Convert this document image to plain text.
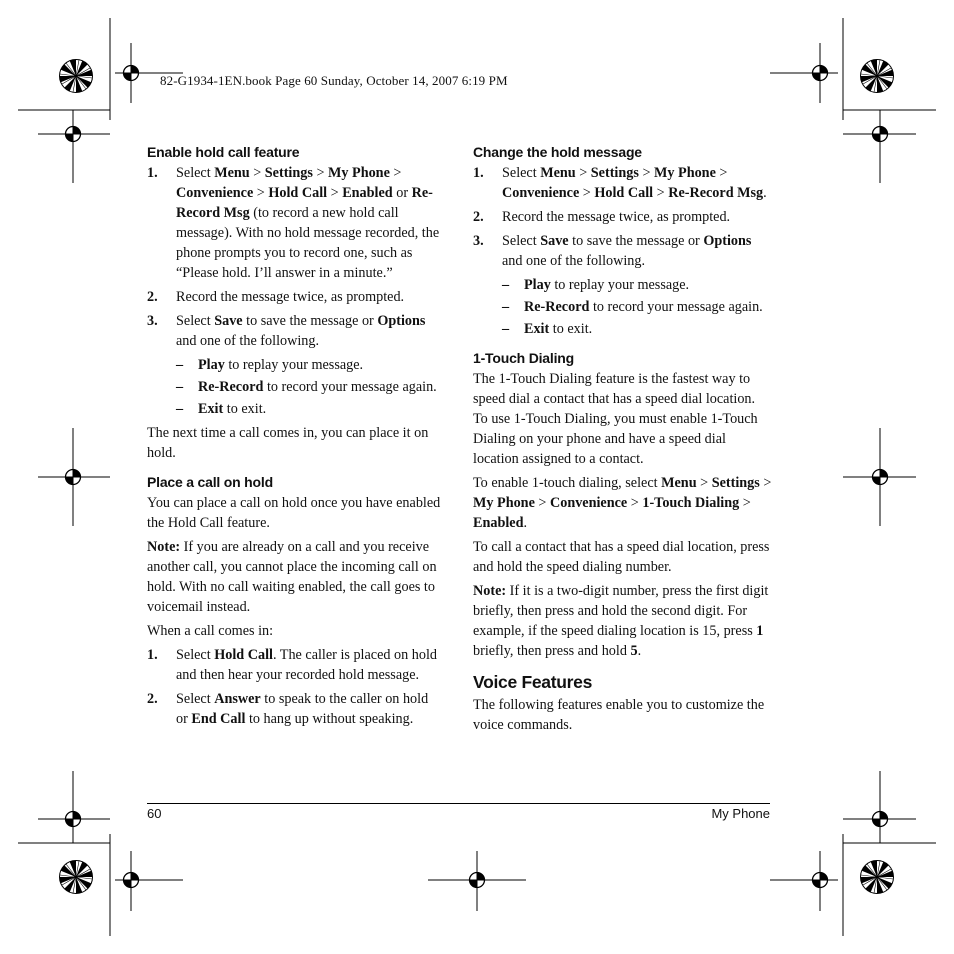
82-G1934-1EN.book Page 60 Sunday, October 14, 2007 6:19 PM
Enable hold call feature
1. Select Menu > Settings > My Phone > Convenience > Hold Call > Enabled or Re-Record Msg (to record a new hold call message). With no hold message recorded, the phone prompts you to record one, such as “Please hold. I’ll answer in a minute.”
2. Record the message twice, as prompted.
3. Select Save to save the message or Options and one of the following.
– Play to replay your message.
– Re-Record to record your message again.
– Exit to exit.

The next time a call comes in, you can place it on hold.

Place a call on hold

You can place a call on hold once you have enabled the Hold Call feature.

Note: If you are already on a call and you receive another call, you cannot place the incoming call on hold. With no call waiting enabled, the call goes to voicemail instead.

When a call comes in:

1. Select Hold Call. The caller is placed on hold and then hear your recorded hold message.
2. Select Answer to speak to the caller on hold or End Call to hang up without speaking.
Change the hold message
1. Select Menu > Settings > My Phone > Convenience > Hold Call > Re-Record Msg.
2. Record the message twice, as prompted.
3. Select Save to save the message or Options and one of the following.
– Play to replay your message.
– Re-Record to record your message again.
– Exit to exit.
1-Touch Dialing

The 1-Touch Dialing feature is the fastest way to speed dial a contact that has a speed dial location. To use 1-Touch Dialing, you must enable 1-Touch Dialing on your phone and have a speed dial location assigned to a contact.

To enable 1-touch dialing, select Menu > Settings > My Phone > Convenience > 1-Touch Dialing > Enabled.

To call a contact that has a speed dial location, press and hold the speed dialing number.

Note: If it is a two-digit number, press the first digit briefly, then press and hold the second digit. For example, if the speed dialing location is 15, press 1 briefly, then press and hold 5.

Voice Features

The following features enable you to customize the voice commands.

60	My Phone
